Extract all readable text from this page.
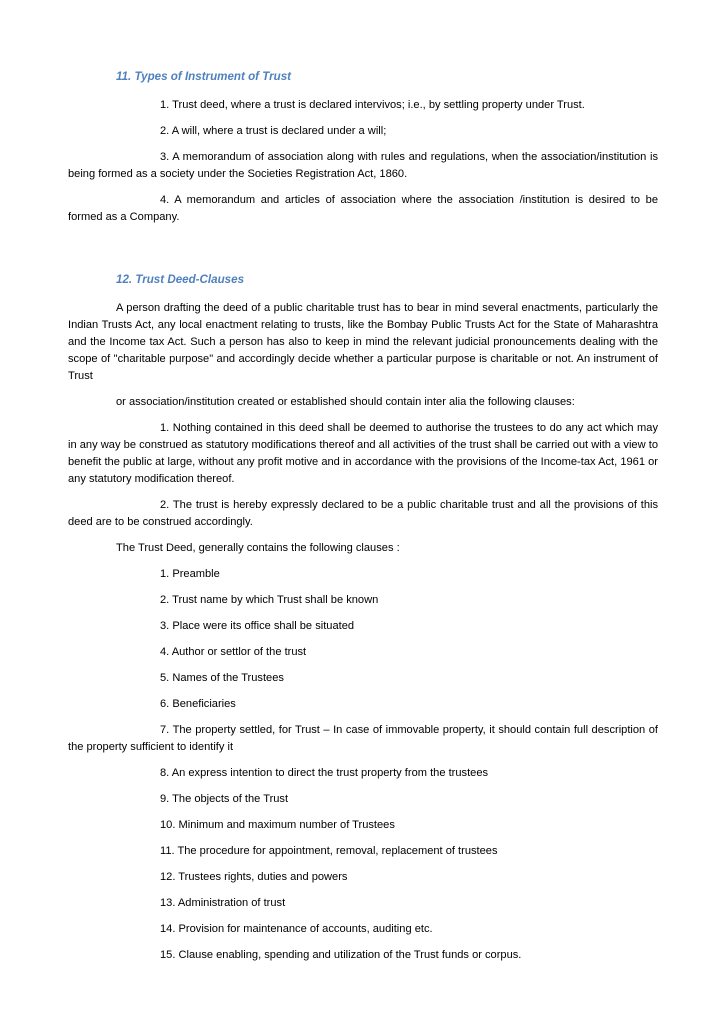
11. Types of Instrument of Trust
1. Trust deed, where a trust is declared intervivos; i.e., by settling property under Trust.
2. A will, where a trust is declared under a will;
3. A memorandum of association along with rules and regulations, when the association/institution is being formed as a society under the Societies Registration Act, 1860.
4. A memorandum and articles of association where the association /institution is desired to be formed as a Company.
12. Trust Deed-Clauses
A person drafting the deed of a public charitable trust has to bear in mind several enactments, particularly the Indian Trusts Act, any local enactment relating to trusts, like the Bombay Public Trusts Act for the State of Maharashtra and the Income tax Act. Such a person has also to keep in mind the relevant judicial pronouncements dealing with the scope of "charitable purpose" and accordingly decide whether a particular purpose is charitable or not. An instrument of Trust
or association/institution created or established should contain inter alia the following clauses:
1. Nothing contained in this deed shall be deemed to authorise the trustees to do any act which may in any way be construed as statutory modifications thereof and all activities of the trust shall be carried out with a view to benefit the public at large, without any profit motive and in accordance with the provisions of the Income-tax Act, 1961 or any statutory modification thereof.
2. The trust is hereby expressly declared to be a public charitable trust and all the provisions of this deed are to be construed accordingly.
The Trust Deed, generally contains the following clauses :
1. Preamble
2. Trust name by which Trust shall be known
3. Place were its office shall be situated
4. Author or settlor of the trust
5. Names of the Trustees
6. Beneficiaries
7. The property settled, for Trust – In case of immovable property, it should contain full description of the property sufficient to identify it
8. An express intention to direct the trust property from the trustees
9. The objects of the Trust
10. Minimum and maximum number of Trustees
11. The procedure for appointment, removal, replacement of trustees
12. Trustees rights, duties and powers
13. Administration of trust
14. Provision for maintenance of accounts, auditing etc.
15. Clause enabling, spending and utilization of the Trust funds or corpus.
